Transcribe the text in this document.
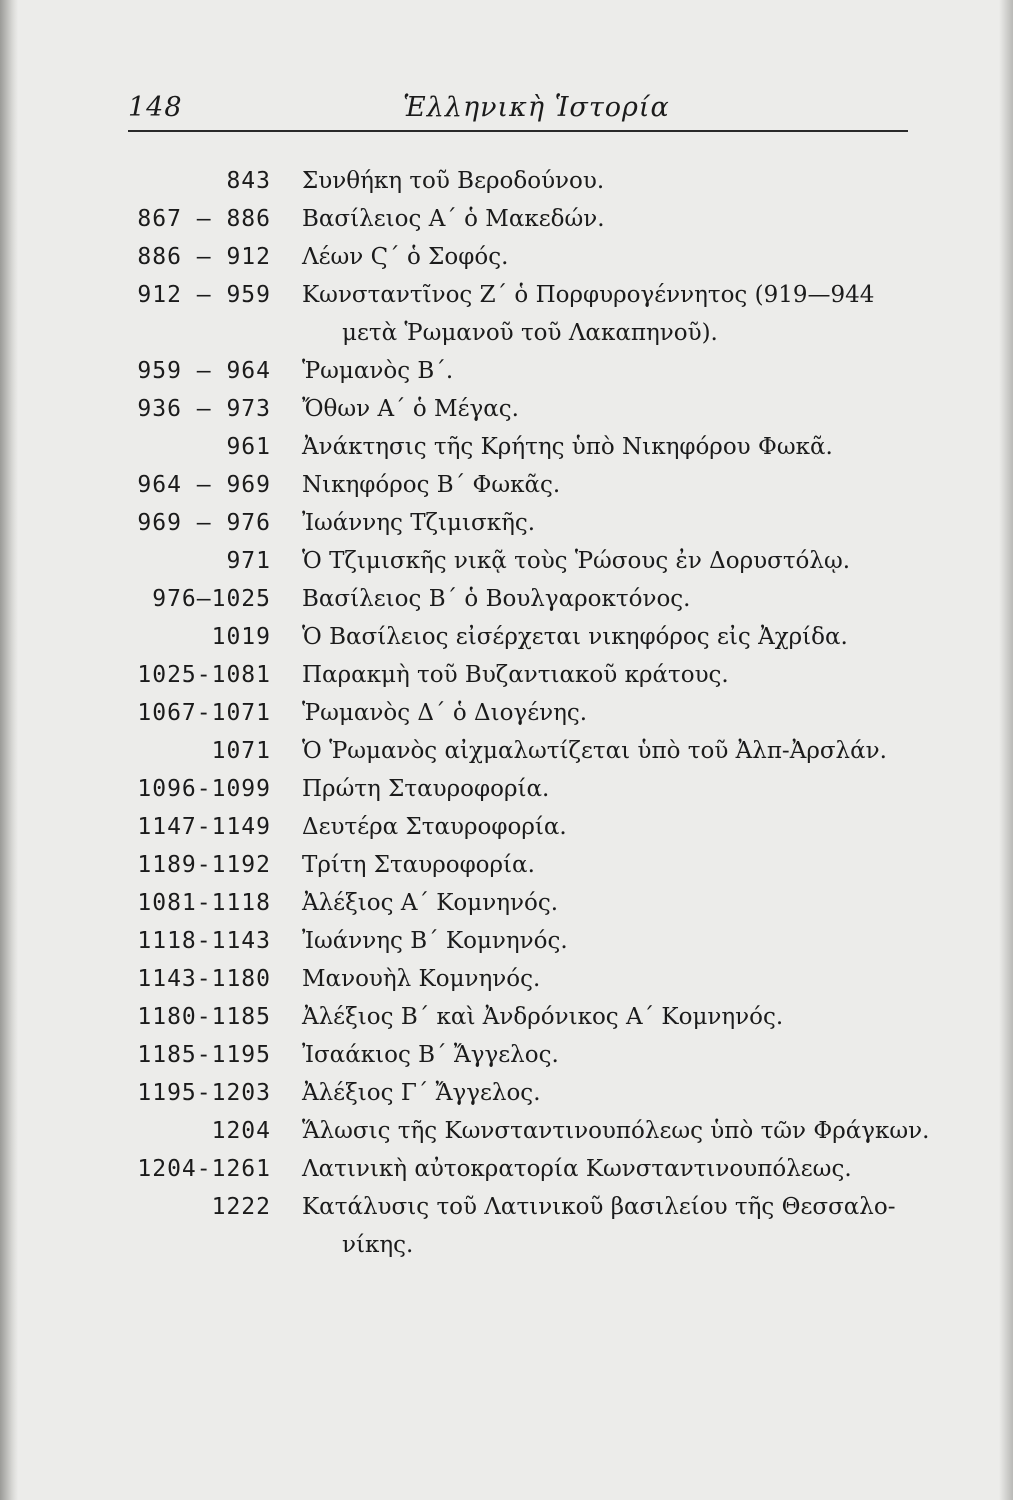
148	Ἑλληνικὴ Ἱστορία
843 Συνθήκη τοῦ Βεροδούνου.
867 — 886 Βασίλειος Α΄ ὁ Μακεδών.
886 — 912 Λέων Ϛ΄ ὁ Σοφός.
912 — 959 Κωνσταντῖνος Ζ΄ ὁ Πορφυρογέννητος (919—944
μετὰ Ῥωμανοῦ τοῦ Λακαπηνοῦ).
959 — 964 Ῥωμανὸς Β΄.
936 — 973 Ὄθων Α΄ ὁ Μέγας.
961 Ἀνάκτησις τῆς Κρήτης ὑπὸ Νικηφόρου Φωκᾶ.
964 — 969 Νικηφόρος Β΄ Φωκᾶς.
969 — 976 Ἰωάννης Τζιμισκῆς.
971 Ὁ Τζιμισκῆς νικᾷ τοὺς Ῥώσους ἐν Δορυστόλῳ.
976—1025 Βασίλειος Β΄ ὁ Βουλγαροκτόνος.
1019 Ὁ Βασίλειος εἰσέρχεται νικηφόρος εἰς Ἀχρίδα.
1025-1081 Παρακμὴ τοῦ Βυζαντιακοῦ κράτους.
1067-1071 Ῥωμανὸς Δ΄ ὁ Διογένης.
1071 Ὁ Ῥωμανὸς αἰχμαλωτίζεται ὑπὸ τοῦ Ἀλπ-Ἀρσλάν.
1096-1099 Πρώτη Σταυροφορία.
1147-1149 Δευτέρα Σταυροφορία.
1189-1192 Τρίτη Σταυροφορία.
1081-1118 Ἀλέξιος Α΄ Κομνηνός.
1118-1143 Ἰωάννης Β΄ Κομνηνός.
1143-1180 Μανουὴλ Κομνηνός.
1180-1185 Ἀλέξιος Β΄ καὶ Ἀνδρόνικος Α΄ Κομνηνός.
1185-1195 Ἰσαάκιος Β΄ Ἄγγελος.
1195-1203 Ἀλέξιος Γ΄ Ἄγγελος.
1204 Ἅλωσις τῆς Κωνσταντινουπόλεως ὑπὸ τῶν Φράγκων.
1204-1261 Λατινικὴ αὐτοκρατορία Κωνσταντινουπόλεως.
1222 Κατάλυσις τοῦ Λατινικοῦ βασιλείου τῆς Θεσσαλο-
νίκης.
